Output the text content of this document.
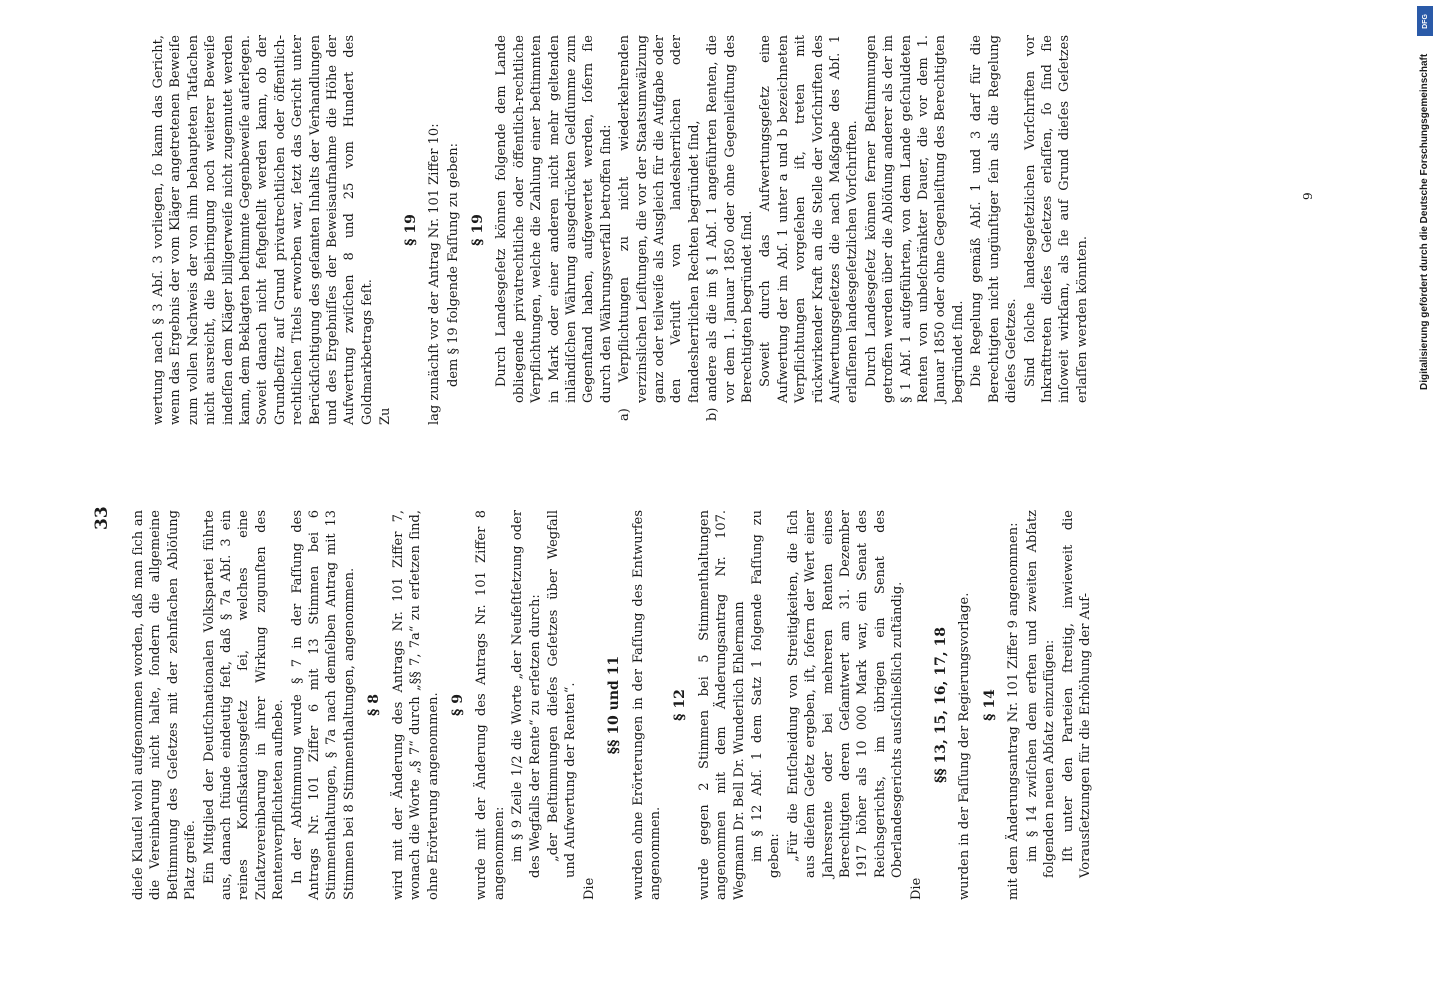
33 dieſe Klauſel wohl aufgenommen worden, daß man ſich an die Vereinbarung nicht halte, ſondern die allgemeine Beſtimmung des Geſetzes mit der zehnfachen Ablöſung Platz greife. Ein Mitglied der Deutſchnationalen Volkspartei führte aus, danach ſtünde eindeutig feſt, daß § 7a Abſ. 3 ein reines Konfiskationsgeſetz ſei, welches eine Zuſatzvereinbarung in ihrer Wirkung zugunſten des Rentenverpflichteten aufhebe. In der Abſtimmung wurde § 7 in der Faſſung des Antrags Nr. 101 Ziffer 6 mit 13 Stimmen bei 6 Stimmenthaltungen, § 7a nach demſelben Antrag mit 13 Stimmen bei 8 Stimmenthaltungen, angenommen. § 8 wird mit der Änderung des Antrags Nr. 101 Ziffer 7, wonach die Worte „§ 7“ durch „§§ 7, 7a“ zu erſetzen ſind, ohne Erörterung angenommen. § 9 wurde mit der Änderung des Antrags Nr. 101 Ziffer 8 angenommen: im § 9 Zeile 1/2 die Worte „der Neufeſtſetzung oder des Wegfalls der Rente“ zu erſetzen durch: „der Beſtimmungen dieſes Geſetzes über Wegfall und Aufwertung der Renten“.

Die

§§ 10 und 11 wurden ohne Erörterungen in der Faſſung des Entwurfes angenommen.

§ 12 wurde gegen 2 Stimmen bei 5 Stimmenthaltungen angenommen mit dem Änderungsantrag Nr. 107. Wegmann Dr. Bell Dr. Wunderlich Ehlermann im § 12 Abſ. 1 dem Satz 1 folgende Faſſung zu geben: „Für die Entſcheidung von Streitigkeiten, die ſich aus dieſem Geſetz ergeben, iſt, ſofern der Wert einer Jahresrente oder bei mehreren Renten eines Berechtigten deren Geſamtwert am 31. Dezember 1917 höher als 10 000 Mark war, ein Senat des Reichsgerichts, im übrigen ein Senat des Oberlandesgerichts ausſchließlich zuſtändig.

Die

§§ 13, 15, 16, 17, 18 wurden in der Faſſung der Regierungsvorlage. § 14 mit dem Änderungsantrag Nr. 101 Ziffer 9 angenommen: im § 14 zwiſchen dem erſten und zweiten Abſatz folgenden neuen Abſatz einzufügen: Iſt unter den Parteien ſtreitig, inwieweit die Vorausſetzungen für die Erhöhung der Auf-

wertung nach § 3 Abſ. 3 vorliegen, ſo kann das Gericht, wenn das Ergebnis der vom Kläger angetretenen Beweiſe zum vollen Nachweis der von ihm behaupteten Tatſachen nicht ausreicht, die Beibringung noch weiterer Beweiſe indeſſen dem Kläger billigerweiſe nicht zugemutet werden kann, dem Beklagten beſtimmte Gegenbeweiſe auferlegen. Soweit danach nicht feſtgeſtellt werden kann, ob der Grundbeſitz auf Grund privatrechtlichen oder öffentlich-rechtlichen Titels erworben war, ſetzt das Gericht unter Berückſichtigung des geſamten Inhalts der Verhandlungen und des Ergebniſſes der Beweisaufnahme die Höhe der Aufwertung zwiſchen 8 und 25 vom Hundert des Goldmarkbetrags feſt. Zu

§ 19 lag zunächſt vor der Antrag Nr. 101 Ziffer 10: dem § 19 folgende Faſſung zu geben: § 19 Durch Landesgeſetz können folgende dem Lande obliegende privatrechtliche oder öffentlich-rechtliche Verpflichtungen, welche die Zahlung einer beſtimmten in Mark oder einer anderen nicht mehr geltenden inländiſchen Währung ausgedrückten Geldſumme zum Gegenſtand haben, aufgewertet werden, ſofern ſie durch den Währungsverfall betroffen ſind: a) Verpflichtungen zu nicht wiederkehrenden verzinslichen Leiſtungen, die vor der Staatsumwälzung ganz oder teilweiſe als Ausgleich für die Aufgabe oder den Verluſt von landesherrlichen oder ſtandesherrlichen Rechten begründet ſind, b) andere als die im § 1 Abſ. 1 angeführten Renten, die vor dem 1. Januar 1850 oder ohne Gegenleiſtung des Berechtigten begründet ſind. Soweit durch das Aufwertungsgeſetz eine Aufwertung der im Abſ. 1 unter a und b bezeichneten Verpflichtungen vorgeſehen iſt, treten mit rückwirkender Kraft an die Stelle der Vorſchriften des Aufwertungsgeſetzes die nach Maßgabe des Abſ. 1 erlaſſenen landesgeſetzlichen Vorſchriften. Durch Landesgeſetz können ferner Beſtimmungen getroffen werden über die Ablöſung anderer als der im § 1 Abſ. 1 aufgeführten, von dem Lande geſchuldeten Renten von unbeſchränkter Dauer, die vor dem 1. Januar 1850 oder ohne Gegenleiſtung des Berechtigten begründet ſind. Die Regelung gemäß Abſ. 1 und 3 darf für die Berechtigten nicht ungünſtiger ſein als die Regelung dieſes Geſetzes. Sind ſolche landesgeſetzlichen Vorſchriften vor Inkrafttreten dieſes Geſetzes erlaſſen, ſo ſind ſie inſoweit wirkſam, als ſie auf Grund dieſes Geſetzes erlaſſen werden könnten.

6	Digitalisierung gefördert durch die Deutsche Forschungsgemeinschaft
DFG
